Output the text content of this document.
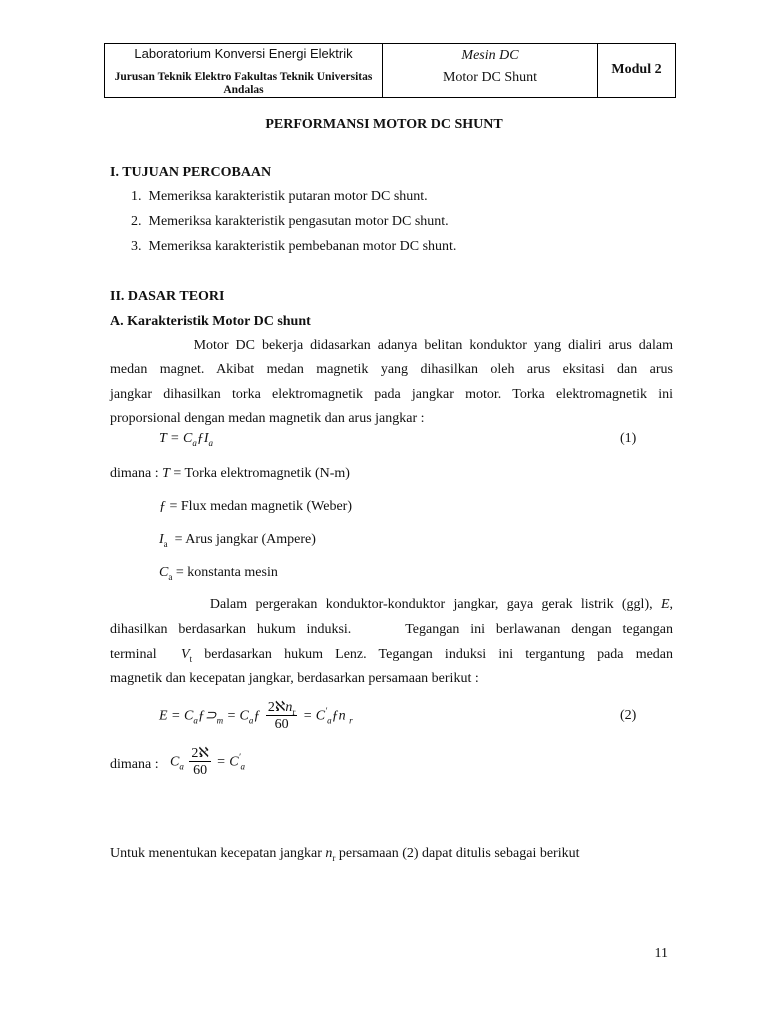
Laboratorium Konversi Energi Elektrik
Jurusan Teknik Elektro Fakultas Teknik Universitas Andalas
Mesin DC
Motor DC Shunt
Modul 2
PERFORMANSI MOTOR DC SHUNT
I. TUJUAN PERCOBAAN
1.  Memeriksa karakteristik putaran motor DC shunt.
2.  Memeriksa karakteristik pengasutan motor DC shunt.
3.  Memeriksa karakteristik pembebanan motor DC shunt.
II. DASAR TEORI
A. Karakteristik Motor DC shunt
Motor DC bekerja didasarkan adanya belitan konduktor yang dialiri arus dalam
medan magnet. Akibat medan magnetik yang dihasilkan oleh arus eksitasi dan arus
jangkar dihasilkan torka elektromagnetik pada jangkar motor. Torka elektromagnetik ini
proporsional dengan medan magnetik dan arus jangkar :
$T = C_aƒI_a$	(1)
dimana : T = Torka elektromagnetik (N-m)
ƒ = Flux medan magnetik (Weber)
$I_a$ = Arus jangkar (Ampere)
$C_a$ = konstanta mesin
Dalam pergerakan konduktor-konduktor jangkar, gaya gerak listrik (ggl), E,
dihasilkan berdasarkan hukum induksi.     Tegangan ini berlawanan dengan tegangan
terminal  $V_t$ berdasarkan hukum Lenz. Tegangan induksi ini tergantung pada medan
magnetik dan kecepatan jangkar, berdasarkan persamaan berikut :
$E = C_aƒ⊃_m$ = $C_aƒ \frac{2ℵn_r}{60}$ = $C'_aƒn$ $_r$	(2)
dimana : $C_a \frac{\text{2ℵ}}{60} = C'_a$
Untuk menentukan kecepatan jangkar $n_r$ persamaan (2) dapat ditulis sebagai berikut
11
